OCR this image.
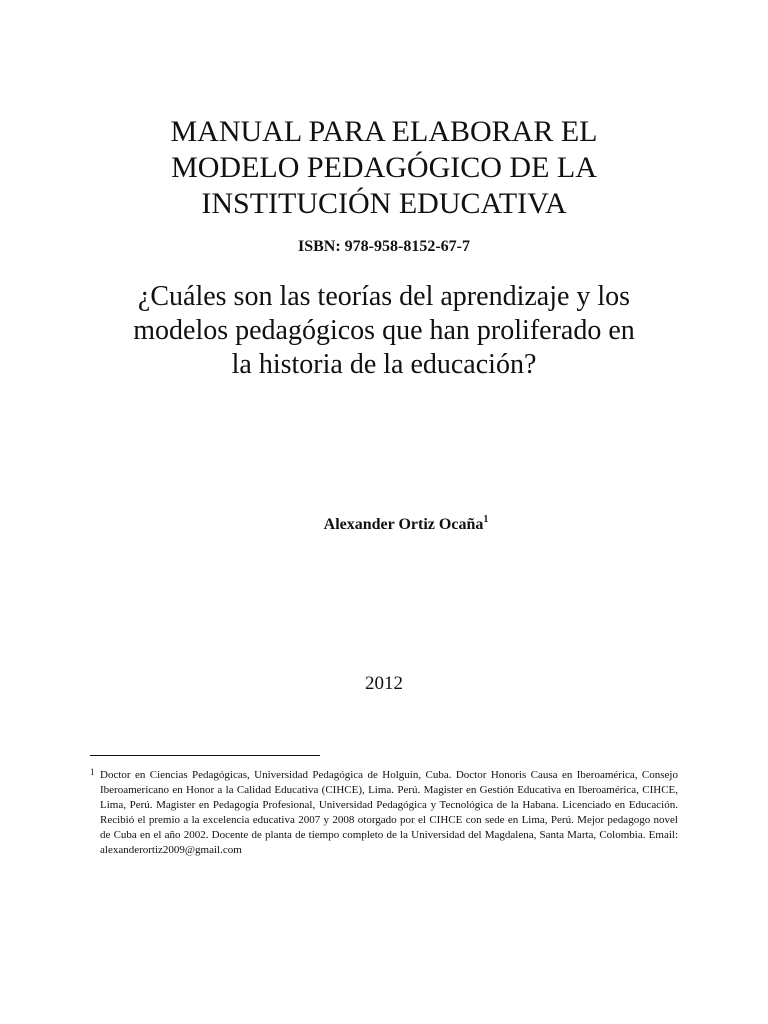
MANUAL PARA ELABORAR EL
MODELO PEDAGÓGICO DE LA
INSTITUCIÓN EDUCATIVA

ISBN: 978-958-8152-67-7

¿Cuáles son las teorías del aprendizaje y los
modelos pedagógicos que han proliferado en
la historia de la educación?

Alexander Ortiz Ocaña$^1$

2012

1 Doctor en Ciencias Pedagógicas, Universidad Pedagógica de Holguín, Cuba. Doctor Honoris Causa en Iberoamérica, Consejo Iberoamericano en Honor a la Calidad Educativa (CIHCE), Lima. Perú. Magister en Gestión Educativa en Iberoamérica, CIHCE, Lima, Perú. Magister en Pedagogía Profesional, Universidad Pedagógica y Tecnológica de la Habana. Licenciado en Educación. Recibió el premio a la excelencia educativa 2007 y 2008 otorgado por el CIHCE con sede en Lima, Perú. Mejor pedagogo novel de Cuba en el año 2002. Docente de planta de tiempo completo de la Universidad del Magdalena, Santa Marta, Colombia. Email: alexanderortiz2009@gmail.com
